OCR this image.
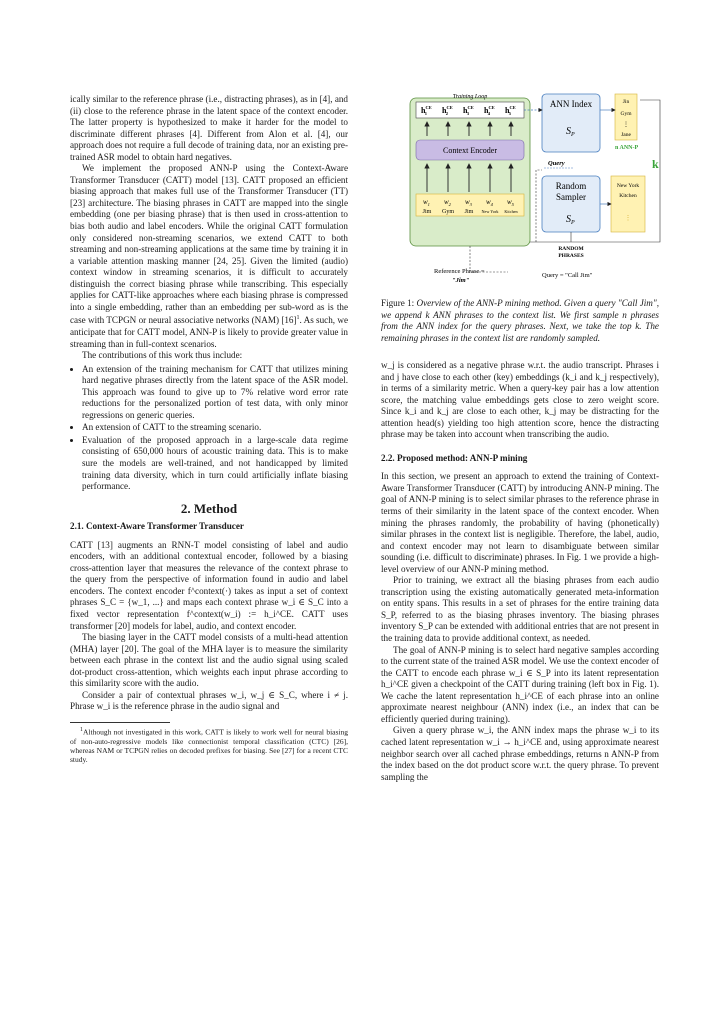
ically similar to the reference phrase (i.e., distracting phrases), as in [4], and (ii) close to the reference phrase in the latent space of the context encoder. The latter property is hypothesized to make it harder for the model to discriminate different phrases [4]. Different from Alon et al. [4], our approach does not require a full decode of training data, nor an existing pre-trained ASR model to obtain hard negatives.

We implement the proposed ANN-P using the Context-Aware Transformer Transducer (CATT) model [13]. CATT proposed an efficient biasing approach that makes full use of the Transformer Transducer (TT) [23] architecture. The biasing phrases in CATT are mapped into the single embedding (one per biasing phrase) that is then used in cross-attention to bias both audio and label encoders. While the original CATT formulation only considered non-streaming scenarios, we extend CATT to both streaming and non-streaming applications at the same time by training it in a variable attention masking manner [24, 25]. Given the limited (audio) context window in streaming scenarios, it is difficult to accurately distinguish the correct biasing phrase while transcribing. This especially applies for CATT-like approaches where each biasing phrase is compressed into a single embedding, rather than an embedding per sub-word as is the case with TCPGN or neural associative networks (NAM) $[16]^1$. As such, we anticipate that for CATT model, ANN-P is likely to provide greater value in streaming than in full-context scenarios.

The contributions of this work thus include:

• An extension of the training mechanism for CATT that utilizes mining hard negative phrases directly from the latent space of the ASR model. This approach was found to give up to 7% relative word error rate reductions for the personalized portion of test data, with only minor regressions on generic queries.
• An extension of CATT to the streaming scenario.
• Evaluation of the proposed approach in a large-scale data regime consisting of 650,000 hours of acoustic training data. This is to make sure the models are well-trained, and not handicapped by limited training data diversity, which in turn could artificially inflate biasing performance.
2. Method
2.1. Context-Aware Transformer Transducer

CATT [13] augments an RNN-T model consisting of label and audio encoders, with an additional contextual encoder, followed by a biasing cross-attention layer that measures the relevance of the context phrase to the query from the perspective of information found in audio and label encoders. The context encoder f^context(·) takes as input a set of context phrases S_C = {w_1, ...} and maps each context phrase w_i ∈ S_C into a fixed vector representation f^context(w_i) := h_i^CE. CATT uses transformer [20] models for label, audio, and context encoder.

The biasing layer in the CATT model consists of a multi-head attention (MHA) layer [20]. The goal of the MHA layer is to measure the similarity between each phrase in the context list and the audio signal using scaled dot-product cross-attention, which weights each input phrase according to this similarity score with the audio.

Consider a pair of contextual phrases w_i, w_j ∈ S_C, where i ≠ j. Phrase w_i is the reference phrase in the audio signal and

$^1$Although not investigated in this work, CATT is likely to work well for neural biasing of non-auto-regressive models like connectionist temporal classification (CTC) [26], whereas NAM or TCPGN relies on decoded prefixes for biasing. See [27] for a recent CTC study.

Training Loop
$h^{CE}$ 1	$h^{CE}$ 2	$h^{CE}$ 3	$h^{CE}$ 4	$h^{CE}$ 5
Context Encoder
$w_1$
Jim
$w_2$
Gym
$w_3$
Jim
$w_4$
New York
$w_5$
Kitchen
ANN Index
$S_P$
Random
Sampler
$S_P$
Query
Jin
Gym
Jane
⋮
n ANN-P
k
New York
Kitchen
⋮
RANDOM
PHRASES
Reference Phrase =
"Jim"
Query = "Call Jim"
Figure 1: Overview of the ANN-P mining method. Given a query "Call Jim", we append k ANN phrases to the context list. We first sample n phrases from the ANN index for the query phrases. Next, we take the top k. The remaining phrases in the context list are randomly sampled.

w_j is considered as a negative phrase w.r.t. the audio transcript. Phrases i and j have close to each other (key) embeddings (k_i and k_j respectively), in terms of a similarity metric. When a query-key pair has a low attention score, the matching value embeddings gets close to zero weight score. Since k_i and k_j are close to each other, k_j may be distracting for the attention head(s) yielding too high attention score, hence the distracting phrase may be taken into account when transcribing the audio.

2.2. Proposed method: ANN-P mining

In this section, we present an approach to extend the training of Context-Aware Transformer Transducer (CATT) by introducing ANN-P mining. The goal of ANN-P mining is to select similar phrases to the reference phrase in terms of their similarity in the latent space of the context encoder. When mining the phrases randomly, the probability of having (phonetically) similar phrases in the context list is negligible. Therefore, the label, audio, and context encoder may not learn to disambiguate between similar sounding (i.e. difficult to discriminate) phrases. In Fig. 1 we provide a high-level overview of our ANN-P mining method.

Prior to training, we extract all the biasing phrases from each audio transcription using the existing automatically generated meta-information on entity spans. This results in a set of phrases for the entire training data S_P, referred to as the biasing phrases inventory. The biasing phrases inventory S_P can be extended with additional entries that are not present in the training data to provide additional context, as needed.

The goal of ANN-P mining is to select hard negative samples according to the current state of the trained ASR model. We use the context encoder of the CATT to encode each phrase w_i ∈ S_P into its latent representation h_i^CE given a checkpoint of the CATT during training (left box in Fig. 1). We cache the latent representation h_i^CE of each phrase into an online approximate nearest neighbour (ANN) index (i.e., an index that can be efficiently queried during training).

Given a query phrase w_i, the ANN index maps the phrase w_i to its cached latent representation w_i → h_i^CE and, using approximate nearest neighbor search over all cached phrase embeddings, returns n ANN-P from the index based on the dot product score w.r.t. the query phrase. To prevent sampling the
